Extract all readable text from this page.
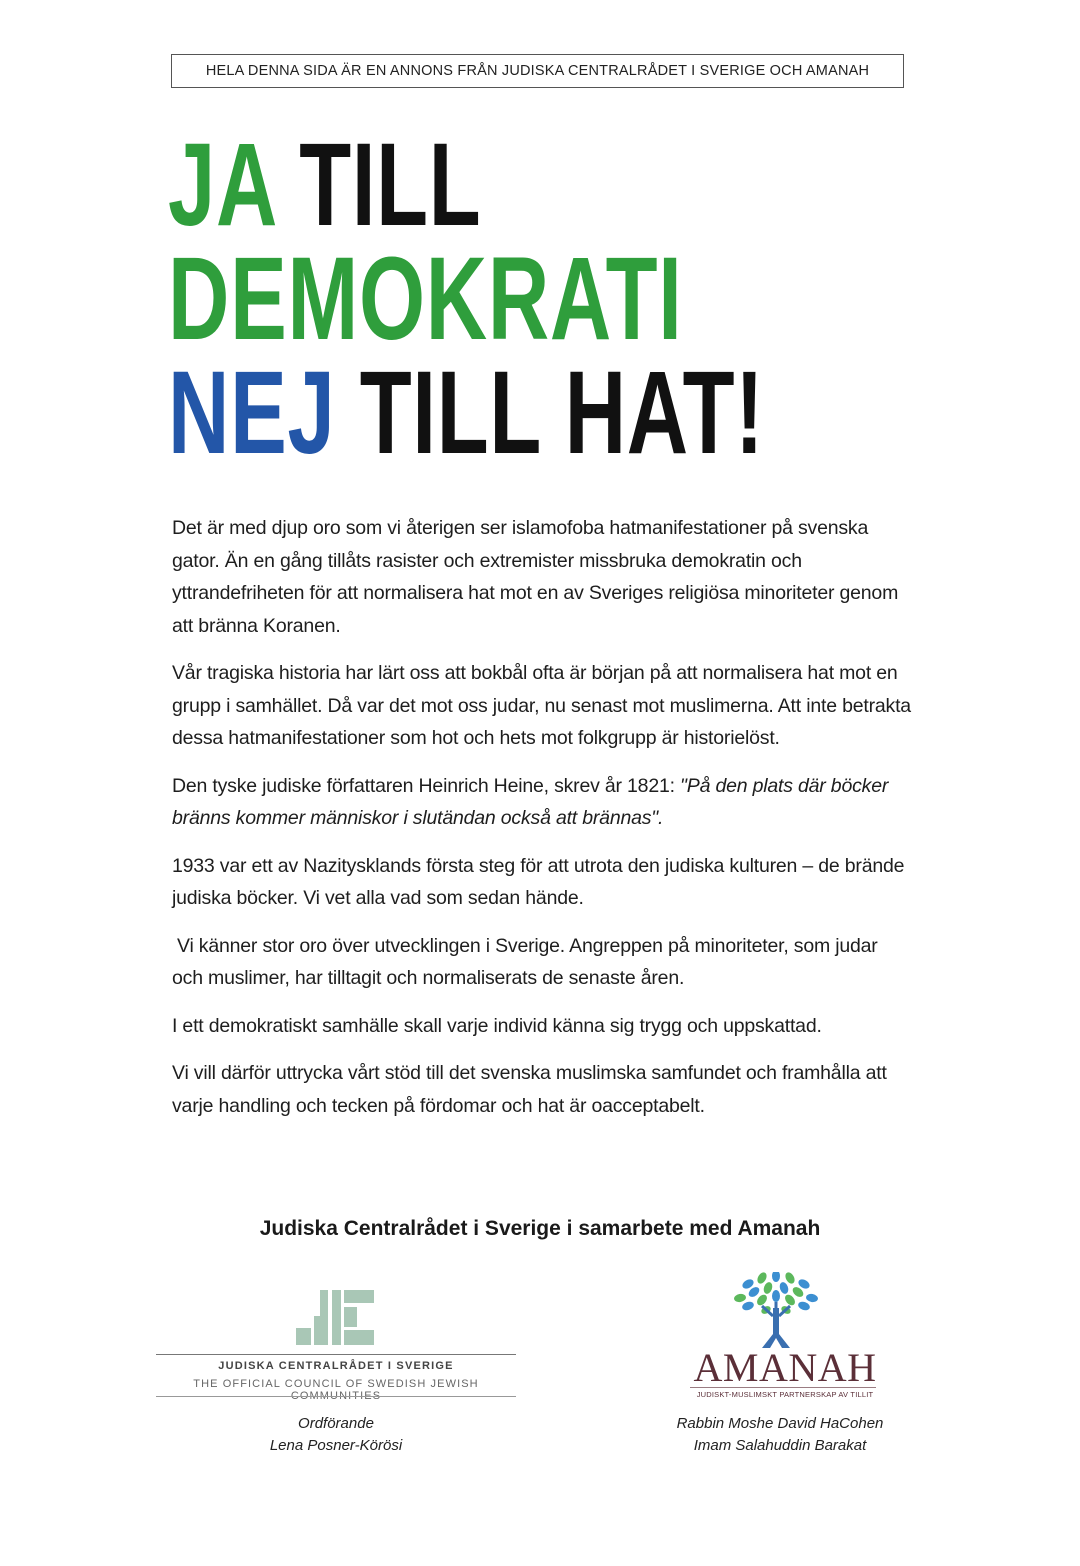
HELA DENNA SIDA ÄR EN ANNONS FRÅN JUDISKA CENTRALRÅDET I SVERIGE OCH AMANAH
JA TILL
DEMOKRATI
NEJ TILL HAT!

Det är med djup oro som vi återigen ser islamofoba hatmanifestationer på svenska gator. Än en gång tillåts rasister och extremister missbruka demokratin och yttrandefriheten för att normalisera hat mot en av Sveriges religiösa minoriteter genom att bränna Koranen.

Vår tragiska historia har lärt oss att bokbål ofta är början på att normalisera hat mot en grupp i samhället. Då var det mot oss judar, nu senast mot muslimerna. Att inte betrakta dessa hatmanifestationer som hot och hets mot folkgrupp är historielöst.

Den tyske judiske författaren Heinrich Heine, skrev år 1821: "På den plats där böcker bränns kommer människor i slutändan också att brännas".

1933 var ett av Nazitysklands första steg för att utrota den judiska kulturen – de brände judiska böcker. Vi vet alla vad som sedan hände.

Vi känner stor oro över utvecklingen i Sverige. Angreppen på minoriteter, som judar och muslimer, har tilltagit och normaliserats de senaste åren.

I ett demokratiskt samhälle skall varje individ känna sig trygg och uppskattad.

Vi vill därför uttrycka vårt stöd till det svenska muslimska samfundet och framhålla att varje handling och tecken på fördomar och hat är oacceptabelt.

Judiska Centralrådet i Sverige i samarbete med Amanah
JUDISKA CENTRALRÅDET I SVERIGE
THE OFFICIAL COUNCIL OF SWEDISH JEWISH COMMUNITIES
Ordförande
Lena Posner-Körösi
AMANAH
JUDISKT-MUSLIMSKT PARTNERSKAP AV TILLIT
Rabbin Moshe David HaCohen
Imam Salahuddin Barakat
